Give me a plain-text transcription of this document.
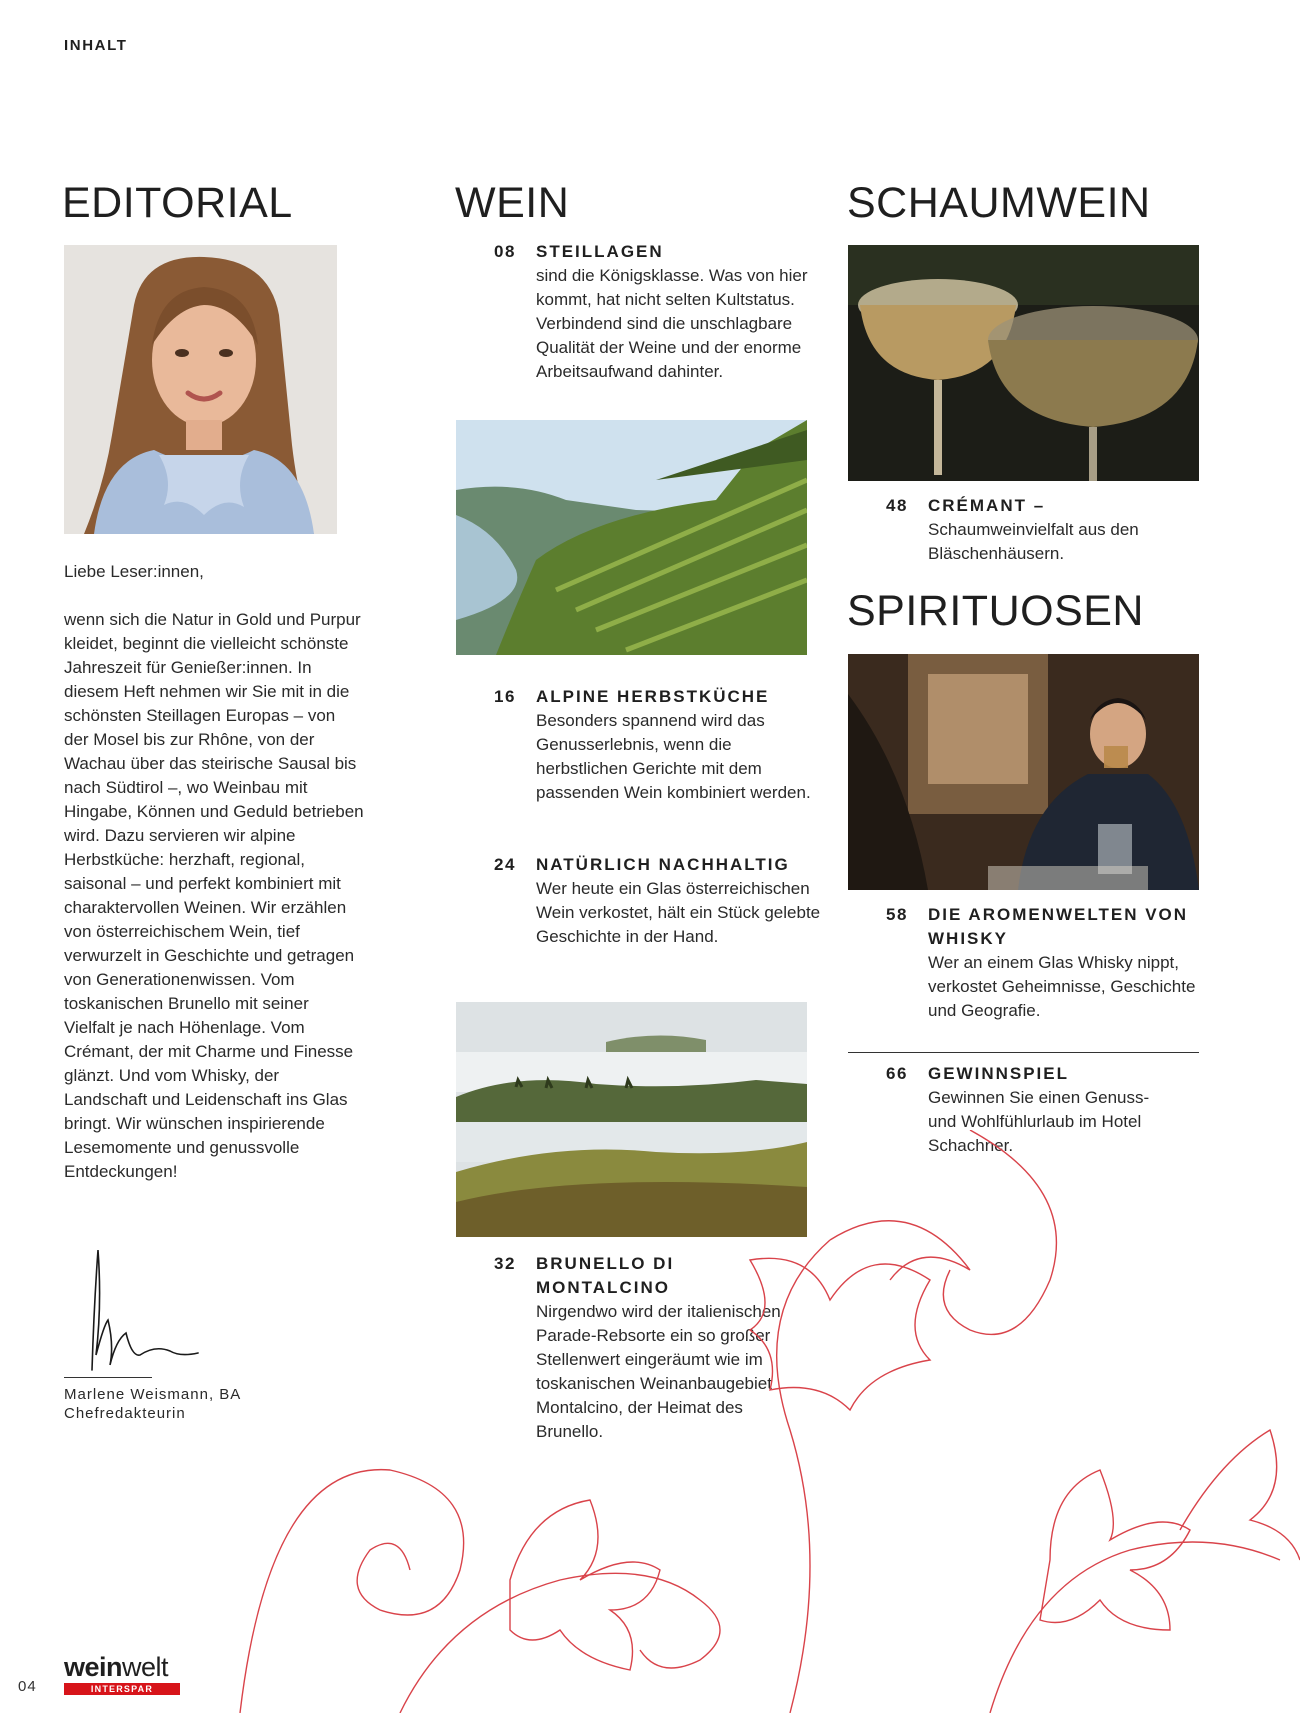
INHALT
EDITORIAL

Liebe Leser:innen,

wenn sich die Natur in Gold und Purpur kleidet, beginnt die vielleicht schönste Jahreszeit für Genießer:innen. In diesem Heft nehmen wir Sie mit in die schönsten Steillagen Europas – von der Mosel bis zur Rhône, von der Wachau über das steirische Sausal bis nach Südtirol –, wo Weinbau mit Hingabe, Können und Geduld betrieben wird. Dazu servieren wir alpine Herbstküche: herzhaft, regional, saisonal – und perfekt kombiniert mit charaktervollen Weinen. Wir erzählen von österreichischem Wein, tief verwurzelt in Geschichte und getragen von Generationenwissen. Vom toskanischen Brunello mit seiner Vielfalt je nach Höhenlage. Vom Crémant, der mit Charme und Finesse glänzt. Und vom Whisky, der Landschaft und Leidenschaft ins Glas bringt. Wir wünschen inspirierende Lesemomente und genussvolle Entdeckungen!

Marlene Weismann, BA
Chefredakteurin
WEIN
08	STEILLAGEN
sind die Königsklasse. Was von hier kommt, hat nicht selten Kultstatus. Verbindend sind die unschlagbare Qualität der Weine und der enorme Arbeitsaufwand dahinter.
16	ALPINE HERBSTKÜCHE
Besonders spannend wird das Genusserlebnis, wenn die herbstlichen Gerichte mit dem passenden Wein kombiniert werden.
24	NATÜRLICH NACHHALTIG
Wer heute ein Glas österreichischen Wein verkostet, hält ein Stück gelebte Geschichte in der Hand.
32	BRUNELLO DI MONTALCINO
Nirgendwo wird der italienischen Parade-Rebsorte ein so großer Stellenwert eingeräumt wie im toskanischen Weinanbaugebiet Montalcino, der Heimat des Brunello.
SCHAUMWEIN
48	CRÉMANT –
Schaumweinvielfalt aus den Bläschenhäusern.
SPIRITUOSEN
58	DIE AROMENWELTEN VON WHISKY
Wer an einem Glas Whisky nippt, verkostet Geheimnisse, Geschichte und Geografie.
66	GEWINNSPIEL
Gewinnen Sie einen Genuss- und Wohlfühlurlaub im Hotel Schachner.
04
weinwelt
INTERSPAR
